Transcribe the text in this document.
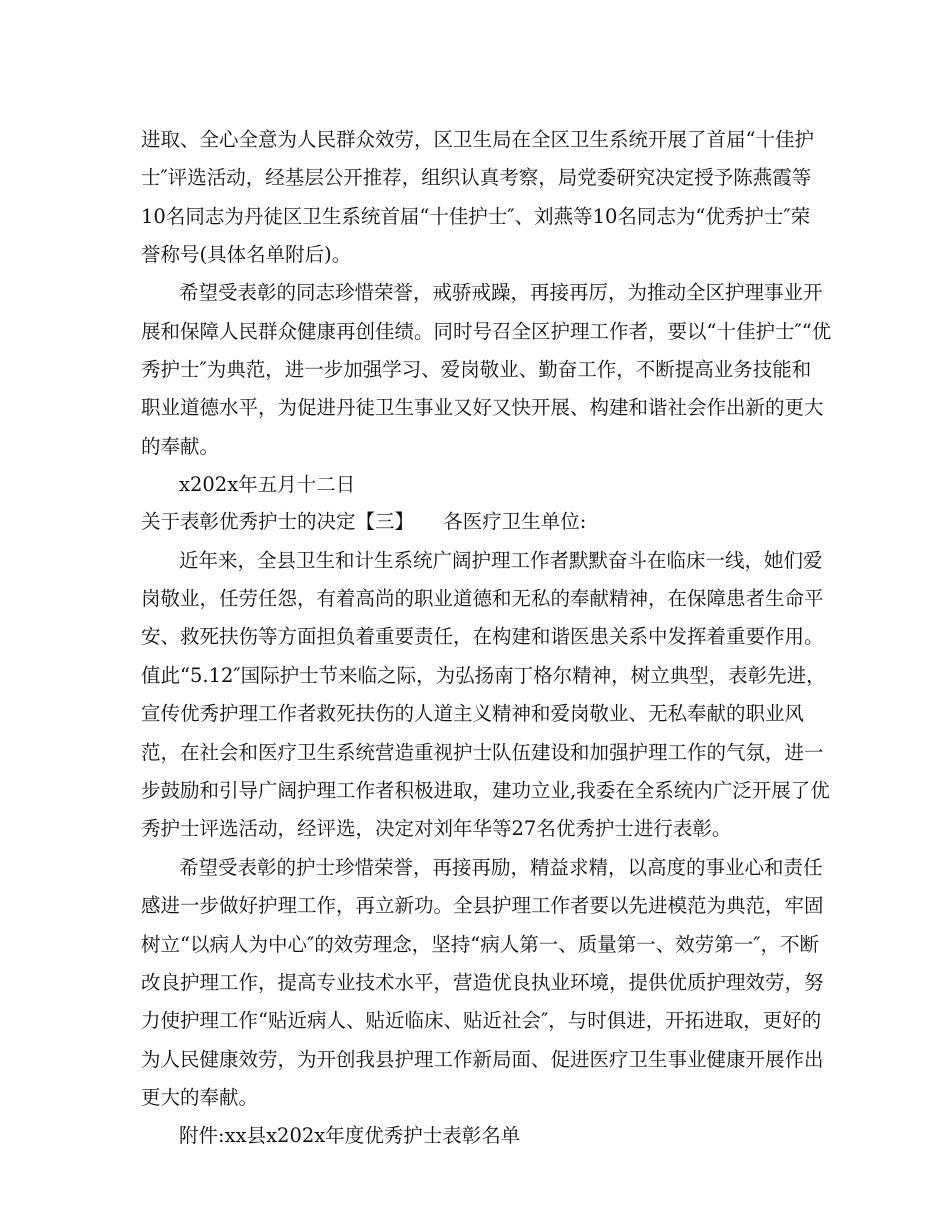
进取、全心全意为人民群众效劳，区卫生局在全区卫生系统开展了首届“十佳护
士″评选活动，经基层公开推荐，组织认真考察，局党委研究决定授予陈燕霞等
10名同志为丹徒区卫生系统首届“十佳护士″、刘燕等10名同志为“优秀护士″荣
誉称号(具体名单附后)。
希望受表彰的同志珍惜荣誉，戒骄戒躁，再接再厉，为推动全区护理事业开
展和保障人民群众健康再创佳绩。同时号召全区护理工作者，要以“十佳护士″“优
秀护士″为典范，进一步加强学习、爱岗敬业、勤奋工作，不断提高业务技能和
职业道德水平，为促进丹徒卫生事业又好又快开展、构建和谐社会作出新的更大
的奉献。
x202x年五月十二日
关于表彰优秀护士的决定【三】　　各医疗卫生单位:
近年来，全县卫生和计生系统广阔护理工作者默默奋斗在临床一线，她们爱
岗敬业，任劳任怨，有着高尚的职业道德和无私的奉献精神，在保障患者生命平
安、救死扶伤等方面担负着重要责任，在构建和谐医患关系中发挥着重要作用。
值此“5.12″国际护士节来临之际，为弘扬南丁格尔精神，树立典型，表彰先进，
宣传优秀护理工作者救死扶伤的人道主义精神和爱岗敬业、无私奉献的职业风
范，在社会和医疗卫生系统营造重视护士队伍建设和加强护理工作的气氛，进一
步鼓励和引导广阔护理工作者积极进取，建功立业,我委在全系统内广泛开展了优
秀护士评选活动，经评选，决定对刘年华等27名优秀护士进行表彰。
希望受表彰的护士珍惜荣誉，再接再励，精益求精，以高度的事业心和责任
感进一步做好护理工作，再立新功。全县护理工作者要以先进模范为典范，牢固
树立“以病人为中心″的效劳理念，坚持“病人第一、质量第一、效劳第一″，不断
改良护理工作，提高专业技术水平，营造优良执业环境，提供优质护理效劳，努
力使护理工作“贴近病人、贴近临床、贴近社会″，与时俱进，开拓进取，更好的
为人民健康效劳，为开创我县护理工作新局面、促进医疗卫生事业健康开展作出
更大的奉献。
附件:xx县x202x年度优秀护士表彰名单
